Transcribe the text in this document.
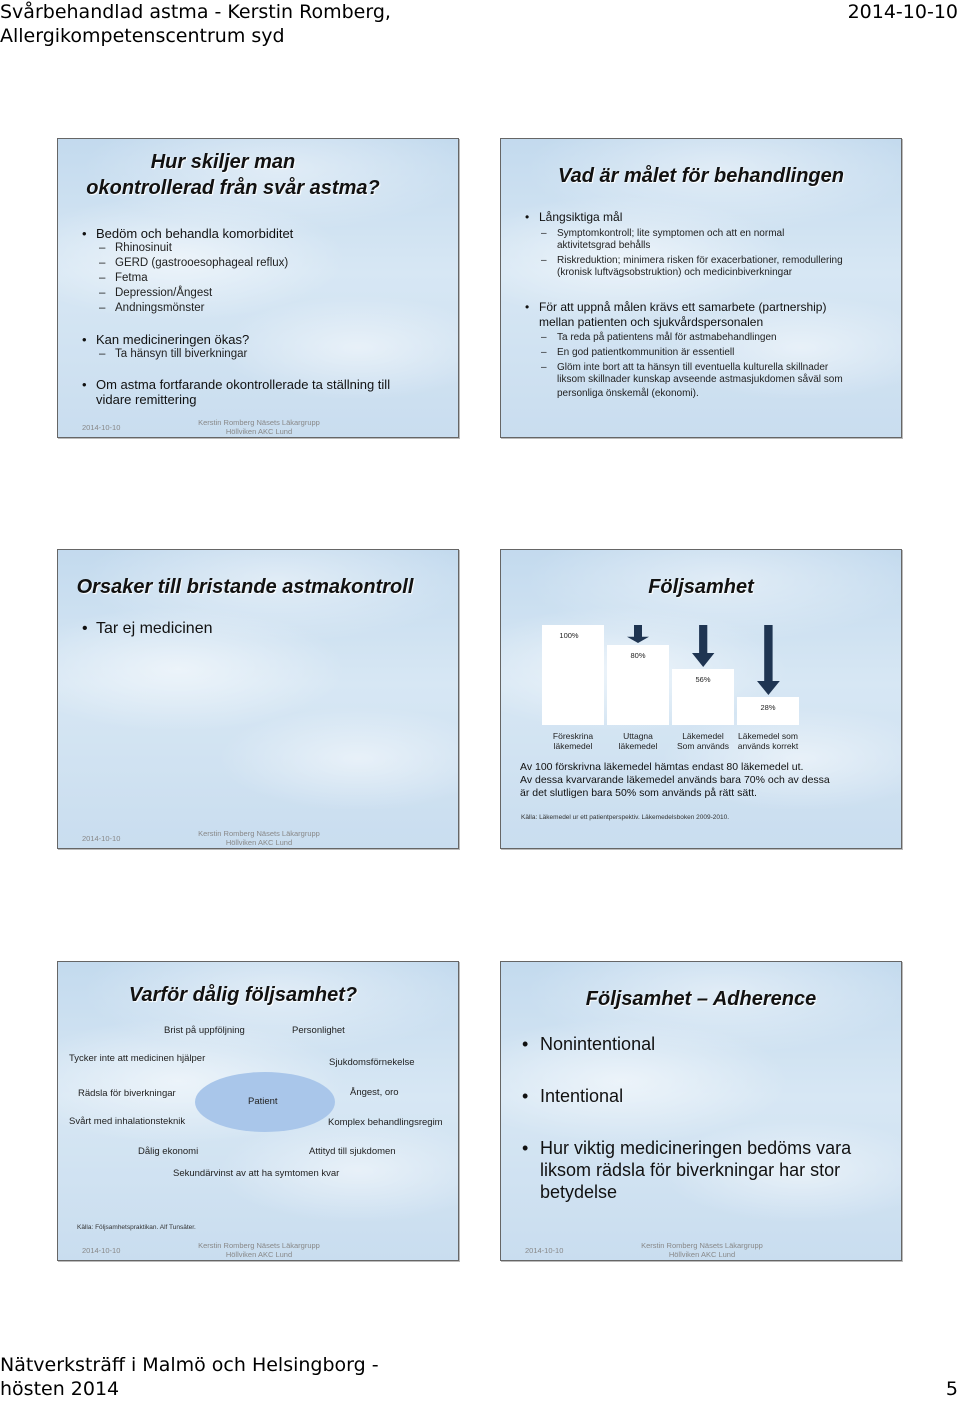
Svårbehandlad astma - Kerstin Romberg,
Allergikompetenscentrum syd
2014-10-10
Hur skiljer man
okontrollerad från svår astma?
• Bedöm och behandla komorbiditet
– Rhinosinuit
– GERD (gastrooesophageal reflux)
– Fetma
– Depression/Ångest
– Andningsmönster
• Kan medicineringen ökas?
– Ta hänsyn till biverkningar
• Om astma fortfarande okontrollerade ta ställning till
vidare remittering
2014-10-10
Kerstin Romberg Näsets Läkargrupp
Höllviken AKC Lund
Vad är målet för behandlingen
• Långsiktiga mål
– Symptomkontroll; lite symptomen och att en normal
aktivitetsgrad behålls
– Riskreduktion; minimera risken för exacerbationer, remodullering
(kronisk luftvägsobstruktion) och medicinbiverkningar
• För att uppnå målen krävs ett samarbete (partnership)
mellan patienten och sjukvårdspersonalen
– Ta reda på patientens mål för astmabehandlingen
– En god patientkommunition är essentiell
– Glöm inte bort att ta hänsyn till eventuella kulturella skillnader
liksom skillnader kunskap avseende astmasjukdomen såväl som
personliga önskemål (ekonomi).
Orsaker till bristande astmakontroll
• Tar ej medicinen
2014-10-10
Kerstin Romberg Näsets Läkargrupp
Höllviken AKC Lund
Följsamhet
100%
Föreskrina
läkemedel
80%
Uttagna
läkemedel
56%
Läkemedel
Som används
28%
Läkemedel som
används korrekt
Av 100 förskrivna läkemedel hämtas endast 80 läkemedel ut.
Av dessa kvarvarande läkemedel används bara 70% och av dessa
är det slutligen bara 50% som används på rätt sätt.
Källa: Läkemedel ur ett patientperspektiv. Läkemedelsboken 2009-2010.
Varför dålig följsamhet?
Patient
Brist på uppföljning	Personlighet
Tycker inte att medicinen hjälper	Sjukdomsförnekelse
Rädsla för biverkningar	Ångest, oro
Svårt med inhalationsteknik	Komplex behandlingsregim
Dålig ekonomi	Attityd till sjukdomen
Sekundärvinst av att ha symtomen kvar
Källa: Följsamhetspraktikan. Alf Tunsäter.
2014-10-10
Kerstin Romberg Näsets Läkargrupp
Höllviken AKC Lund
Följsamhet – Adherence
• Nonintentional
• Intentional
• Hur viktig medicineringen bedöms vara
liksom rädsla för biverkningar har stor
betydelse
2014-10-10
Kerstin Romberg Näsets Läkargrupp
Höllviken AKC Lund
Nätverksträff i Malmö och Helsingborg -
hösten 2014	5
